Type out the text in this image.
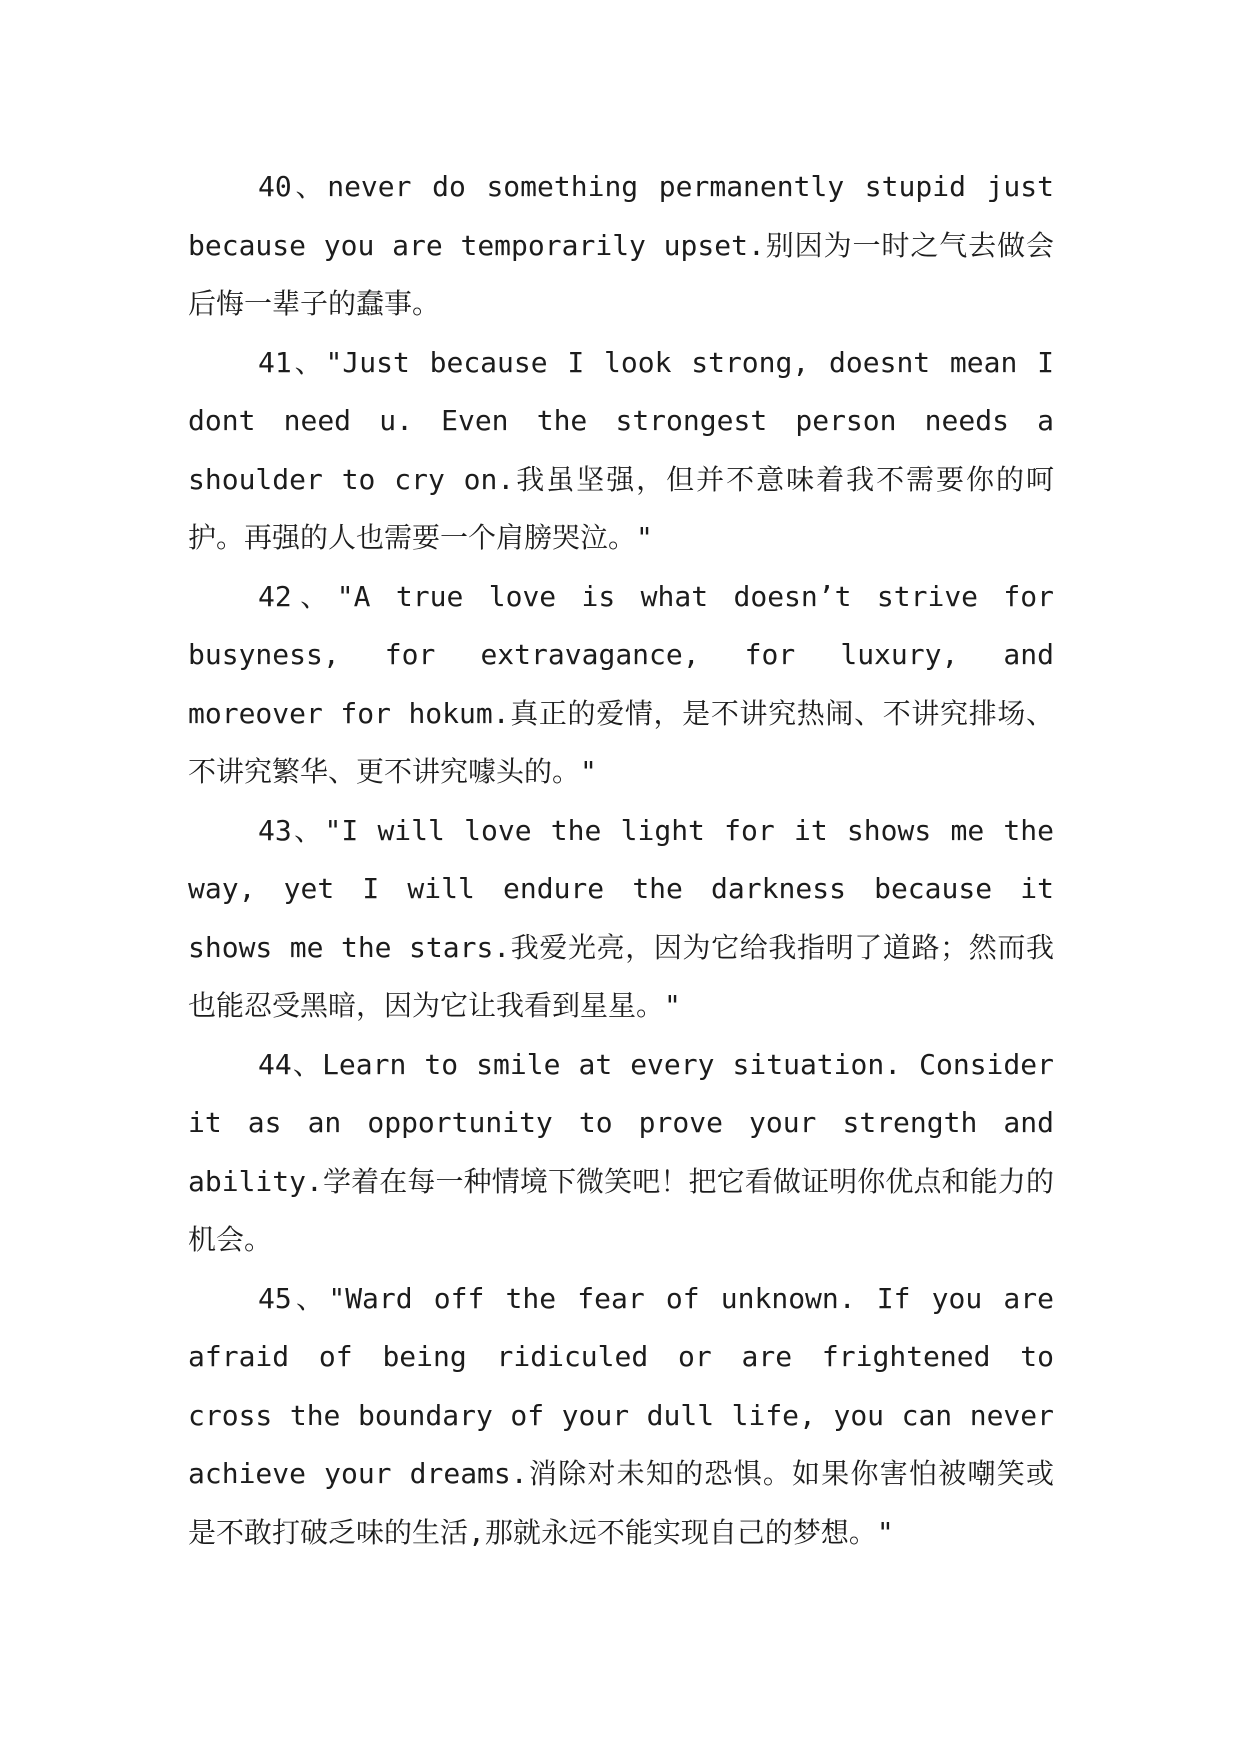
40、never do something permanently stupid just because you are temporarily upset.别因为一时之气去做会后悔一辈子的蠢事。

41、"Just because I look strong, doesnt mean I dont need u. Even the strongest person needs a shoulder to cry on.我虽坚强，但并不意味着我不需要你的呵护。再强的人也需要一个肩膀哭泣。"

42、"A true love is what doesn’t strive for busyness, for extravagance, for luxury, and moreover for hokum.真正的爱情，是不讲究热闹、不讲究排场、不讲究繁华、更不讲究噱头的。"

43、"I will love the light for it shows me the way, yet I will endure the darkness because it shows me the stars.我爱光亮，因为它给我指明了道路；然而我也能忍受黑暗，因为它让我看到星星。"

44、Learn to smile at every situation. Consider it as an opportunity to prove your strength and ability.学着在每一种情境下微笑吧！把它看做证明你优点和能力的机会。

45、"Ward off the fear of unknown. If you are afraid of being ridiculed or are frightened to cross the boundary of your dull life, you can never achieve your dreams.消除对未知的恐惧。如果你害怕被嘲笑或是不敢打破乏味的生活,那就永远不能实现自己的梦想。"
